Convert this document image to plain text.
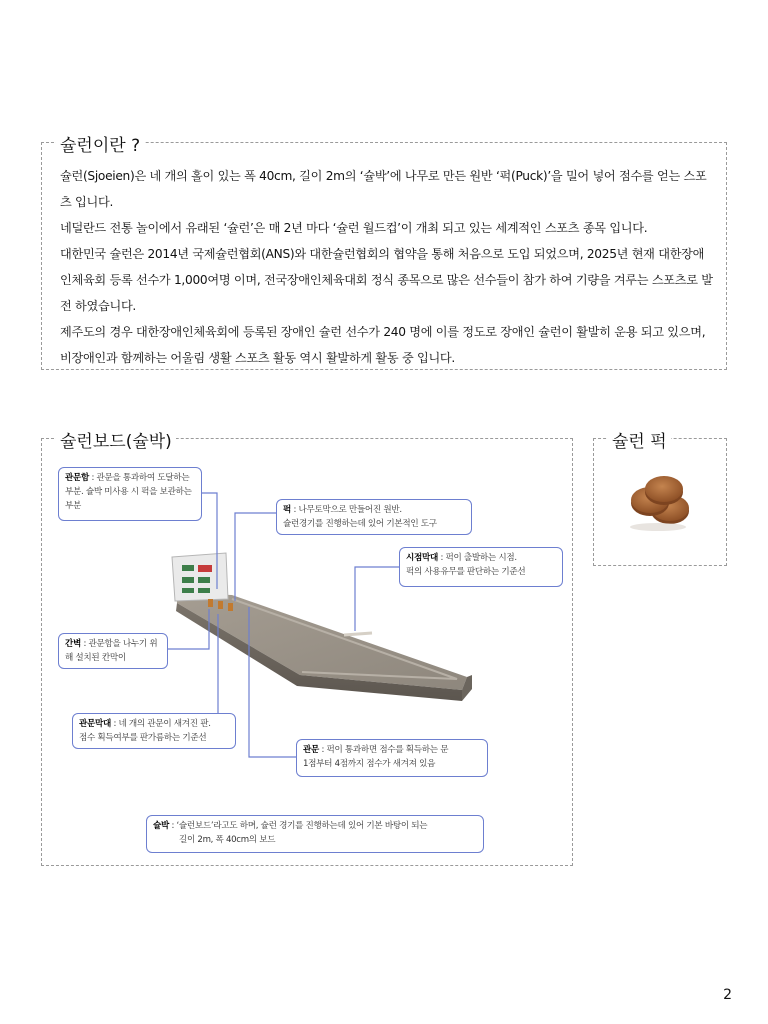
슐런이란 ?

슐런(Sjoeien)은 네 개의 홀이 있는 폭 40cm, 길이 2m의 ‘슐박’에 나무로 만든 원반 ‘퍽(Puck)’을 밀어 넣어 점수를 얻는 스포츠 입니다.

네덜란드 전통 놀이에서 유래된 ‘슐런’은 매 2년 마다 ‘슐런 월드컵’이 개최 되고 있는 세계적인 스포츠 종목 입니다.

대한민국 슐런은 2014년 국제슐런협회(ANS)와 대한슐런협회의 협약을 통해 처음으로 도입 되었으며, 2025년 현재 대한장애인체육회 등록 선수가 1,000여명 이며, 전국장애인체육대회 정식 종목으로 많은 선수들이 참가 하여 기량을 겨루는 스포츠로 발전 하였습니다.

제주도의 경우 대한장애인체육회에 등록된 장애인 슐런 선수가 240 명에 이를 정도로 장애인 슐런이 활발히 운용 되고 있으며, 비장애인과 함께하는 어울림 생활 스포츠 활동 역시 활발하게 활동 중 입니다.

슐런보드(슐박)
관문함 : 관문을 통과하여 도달하는 부분. 슐박 미사용 시 퍽을 보관하는 부분	퍽 : 나무토막으로 만들어진 원반.
슐런경기를 진행하는데 있어 기본적인 도구
시점막대 : 퍽이 출발하는 시점.
퍽의 사용유무를 판단하는 기준선
간벽 : 관문함을 나누기 위해 설치된 칸막이
관문막대 : 네 개의 관문이 새겨진 판.
점수 획득여부를 판가름하는 기준선
관문 : 퍽이 통과하면 점수를 획득하는 문
1점부터 4점까지 점수가 새겨져 있음
슐박 : ‘슐런보드’라고도 하며, 슐런 경기를 진행하는데 있어 기본 바탕이 되는
길이 2m, 폭 40cm의 보드
슐런 퍽
2
